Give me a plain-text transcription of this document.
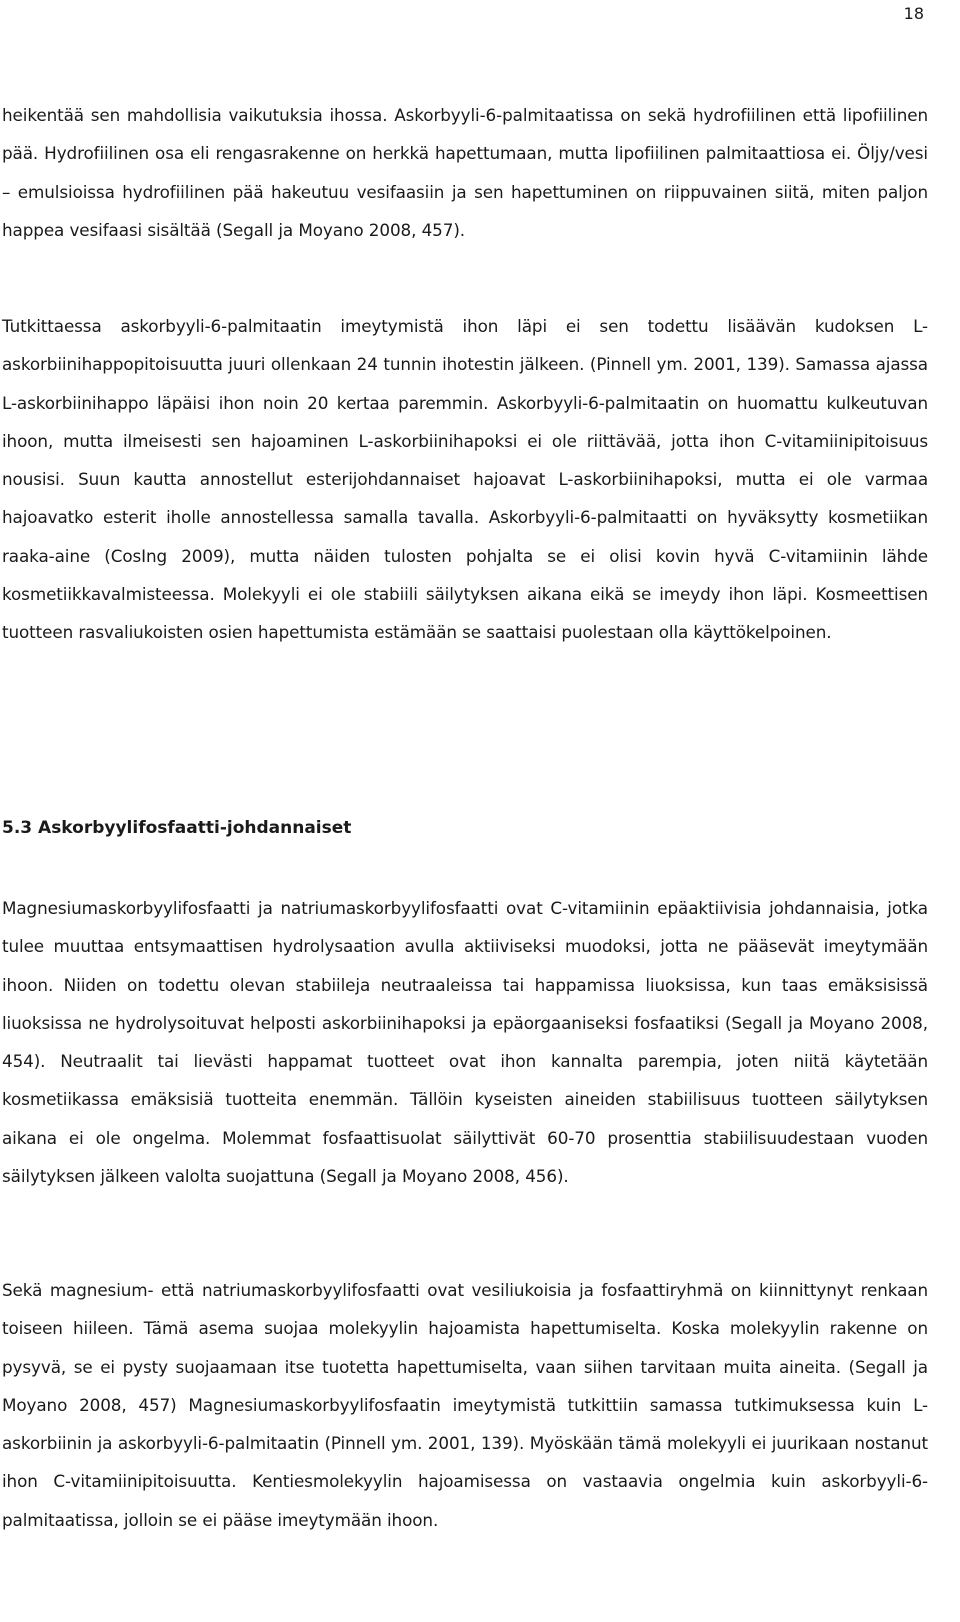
18

heikentää sen mahdollisia vaikutuksia ihossa. Askorbyyli-6-palmitaatissa on sekä hydrofiilinen että lipofiilinen pää. Hydrofiilinen osa eli rengasrakenne on herkkä hapettumaan, mutta lipofiilinen palmitaattiosa ei. Öljy/vesi – emulsioissa hydrofiilinen pää hakeutuu vesifaasiin ja sen hapettuminen on riippuvainen siitä, miten paljon happea vesifaasi sisältää (Segall ja Moyano 2008, 457).

Tutkittaessa askorbyyli-6-palmitaatin imeytymistä ihon läpi ei sen todettu lisäävän kudoksen L-askorbiinihappopitoisuutta juuri ollenkaan 24 tunnin ihotestin jälkeen. (Pinnell ym. 2001, 139). Samassa ajassa L-askorbiinihappo läpäisi ihon noin 20 kertaa paremmin. Askorbyyli-6-palmitaatin on huomattu kulkeutuvan ihoon, mutta ilmeisesti sen hajoaminen L-askorbiinihapoksi ei ole riittävää, jotta ihon C-vitamiinipitoisuus nousisi. Suun kautta annostellut esterijohdannaiset hajoavat L-askorbiinihapoksi, mutta ei ole varmaa hajoavatko esterit iholle annostellessa samalla tavalla. Askorbyyli-6-palmitaatti on hyväksytty kosmetiikan raaka-aine (CosIng 2009), mutta näiden tulosten pohjalta se ei olisi kovin hyvä C-vitamiinin lähde kosmetiikkavalmisteessa. Molekyyli ei ole stabiili säilytyksen aikana eikä se imeydy ihon läpi. Kosmeettisen tuotteen rasvaliukoisten osien hapettumista estämään se saattaisi puolestaan olla käyttökelpoinen.

5.3 Askorbyylifosfaatti-johdannaiset

Magnesiumaskorbyylifosfaatti ja natriumaskorbyylifosfaatti ovat C-vitamiinin epäaktiivisia johdannaisia, jotka tulee muuttaa entsymaattisen hydrolysaation avulla aktiiviseksi muodoksi, jotta ne pääsevät imeytymään ihoon. Niiden on todettu olevan stabiileja neutraaleissa tai happamissa liuoksissa, kun taas emäksisissä liuoksissa ne hydrolysoituvat helposti askorbiinihapoksi ja epäorgaaniseksi fosfaatiksi (Segall ja Moyano 2008, 454). Neutraalit tai lievästi happamat tuotteet ovat ihon kannalta parempia, joten niitä käytetään kosmetiikassa emäksisiä tuotteita enemmän. Tällöin kyseisten aineiden stabiilisuus tuotteen säilytyksen aikana ei ole ongelma. Molemmat fosfaattisuolat säilyttivät 60-70 prosenttia stabiilisuudestaan vuoden säilytyksen jälkeen valolta suojattuna (Segall ja Moyano 2008, 456).

Sekä magnesium- että natriumaskorbyylifosfaatti ovat vesiliukoisia ja fosfaattiryhmä on kiinnittynyt renkaan toiseen hiileen. Tämä asema suojaa molekyylin hajoamista hapettumiselta. Koska molekyylin rakenne on pysyvä, se ei pysty suojaamaan itse tuotetta hapettumiselta, vaan siihen tarvitaan muita aineita. (Segall ja Moyano 2008, 457) Magnesiumaskorbyylifosfaatin imeytymistä tutkittiin samassa tutkimuksessa kuin L-askorbiinin ja askorbyyli-6-palmitaatin (Pinnell ym. 2001, 139). Myöskään tämä molekyyli ei juurikaan nostanut ihon C-vitamiinipitoisuutta. Kentiesmolekyylin hajoamisessa on vastaavia ongelmia kuin askorbyyli-6-palmitaatissa, jolloin se ei pääse imeytymään ihoon.
